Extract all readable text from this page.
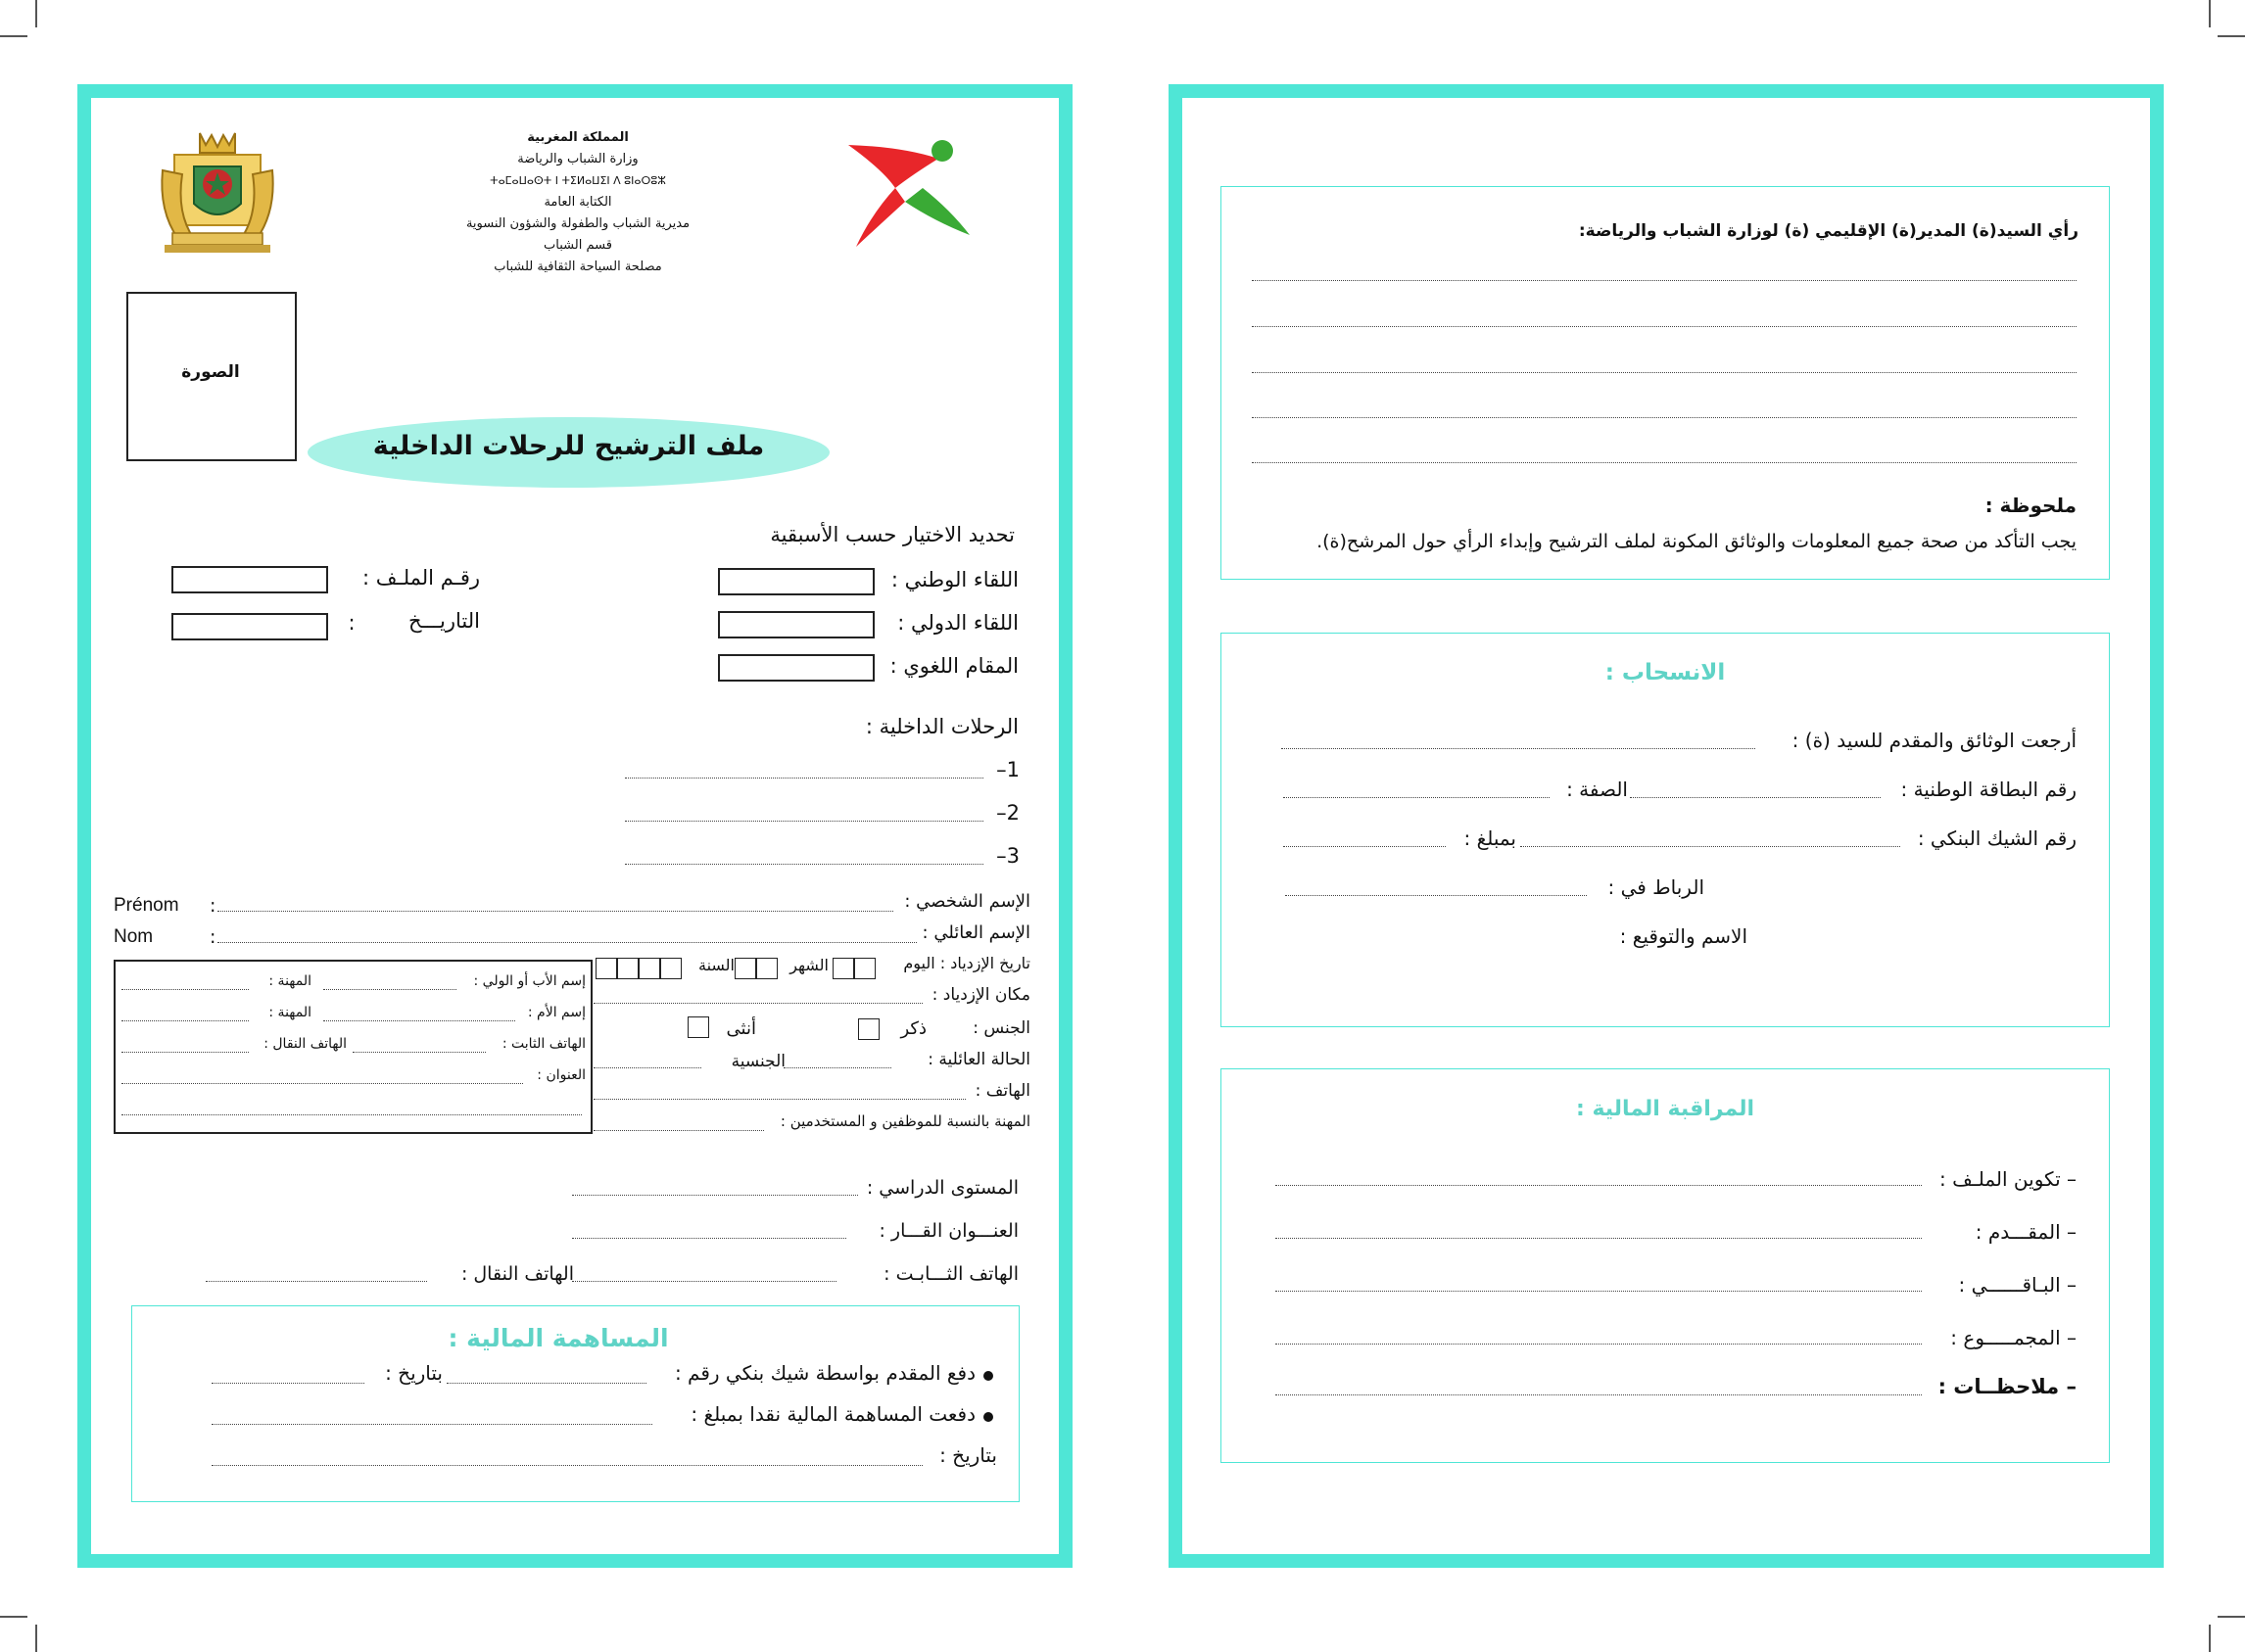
المملكة المغربية
وزارة الشباب والرياضة
ⵜⴰⵎⴰⵡⴰⵙⵜ ⵏ ⵜⵉⵍⴰⵡⵉⵏ ⴷ ⵓⵏⴰⵔⵓⵣ
الكتابة العامة
مديرية الشباب والطفولة والشؤون النسوية
قسم الشباب
مصلحة السياحة الثقافية للشباب
الصورة
ملف الترشيح للرحلات الداخلية
تحديد الاختيار حسب الأسبقية
اللقاء الوطني :
اللقاء الدولي :
المقام اللغوي :
رقـم الملـف :
التاريـــخ
:
الرحلات الداخلية :
1–
2–
3–
Prénom :
Nom	:
الإسم الشخصي :
الإسم العائلي :
تاريخ الإزدياد : اليوم
الشهر
السنة
مكان الإزدياد :
الجنس :
ذكر
أنثى
الحالة العائلية :
الجنسية
الهاتف :
المهنة بالنسبة للموظفين و المستخدمين :
إسم الأب أو الولي :
المهنة :
إسم الأم :
المهنة :
الهاتف الثابت :
الهاتف النقال :
العنوان :
المستوى الدراسي :
العنـــوان القـــار :
الهاتف الثـــابـت :
الهاتف النقال :
المساهمة المالية :
دفع المقدم بواسطة شيك بنكي رقم :
بتاريخ :
دفعت المساهمة المالية نقدا بمبلغ :
بتاريخ :
رأي السيد(ة) المدير(ة) الإقليمي (ة) لوزارة الشباب والرياضة:
ملحوظة :
يجب التأكد من صحة جميع المعلومات والوثائق المكونة لملف الترشيح وإبداء الرأي حول المرشح(ة).
الانسحاب :
أرجعت الوثائق والمقدم للسيد (ة) :
رقم البطاقة الوطنية :
الصفة :
رقم الشيك البنكي :
بمبلغ :
الرباط في :
الاسم والتوقيع :
المراقبة المالية :
– تكوين الملـف :
– المقـــدم :
– البـاقــــــي :
– المجمـــــوع :
– ملاحظــات :
